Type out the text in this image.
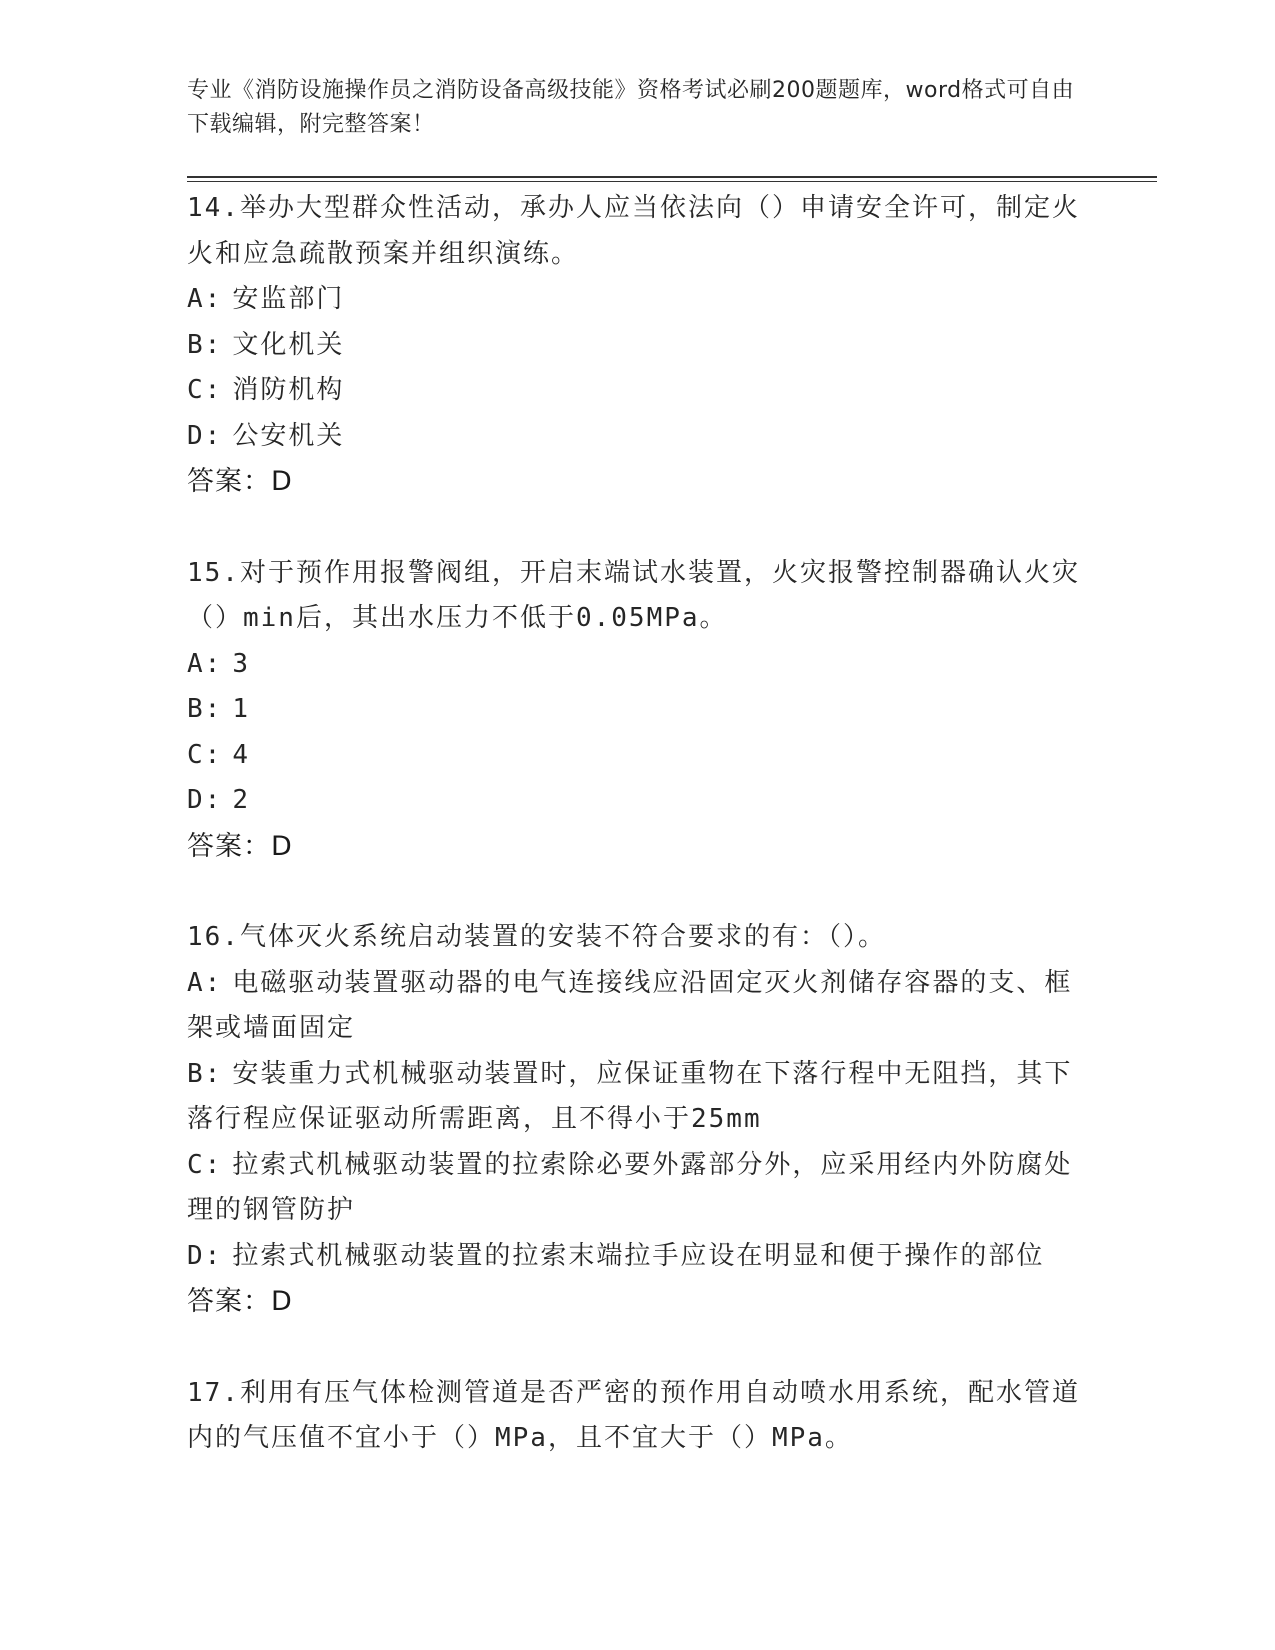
专业《消防设施操作员之消防设备高级技能》资格考试必刷200题题库，word格式可自由下载编辑，附完整答案！
14.举办大型群众性活动，承办人应当依法向（）申请安全许可，制定火火和应急疏散预案并组织演练。
A: 安监部门
B: 文化机关
C: 消防机构
D: 公安机关
答案：D
15.对于预作用报警阀组，开启末端试水装置，火灾报警控制器确认火灾（）min后，其出水压力不低于0.05MPa。
A: 3
B: 1
C: 4
D: 2
答案：D
16.气体灭火系统启动装置的安装不符合要求的有：（）。
A: 电磁驱动装置驱动器的电气连接线应沿固定灭火剂储存容器的支、框架或墙面固定
B: 安装重力式机械驱动装置时，应保证重物在下落行程中无阻挡，其下落行程应保证驱动所需距离，且不得小于25mm
C: 拉索式机械驱动装置的拉索除必要外露部分外，应采用经内外防腐处理的钢管防护
D: 拉索式机械驱动装置的拉索末端拉手应设在明显和便于操作的部位
答案：D
17.利用有压气体检测管道是否严密的预作用自动喷水用系统，配水管道内的气压值不宜小于（）MPa，且不宜大于（）MPa。
